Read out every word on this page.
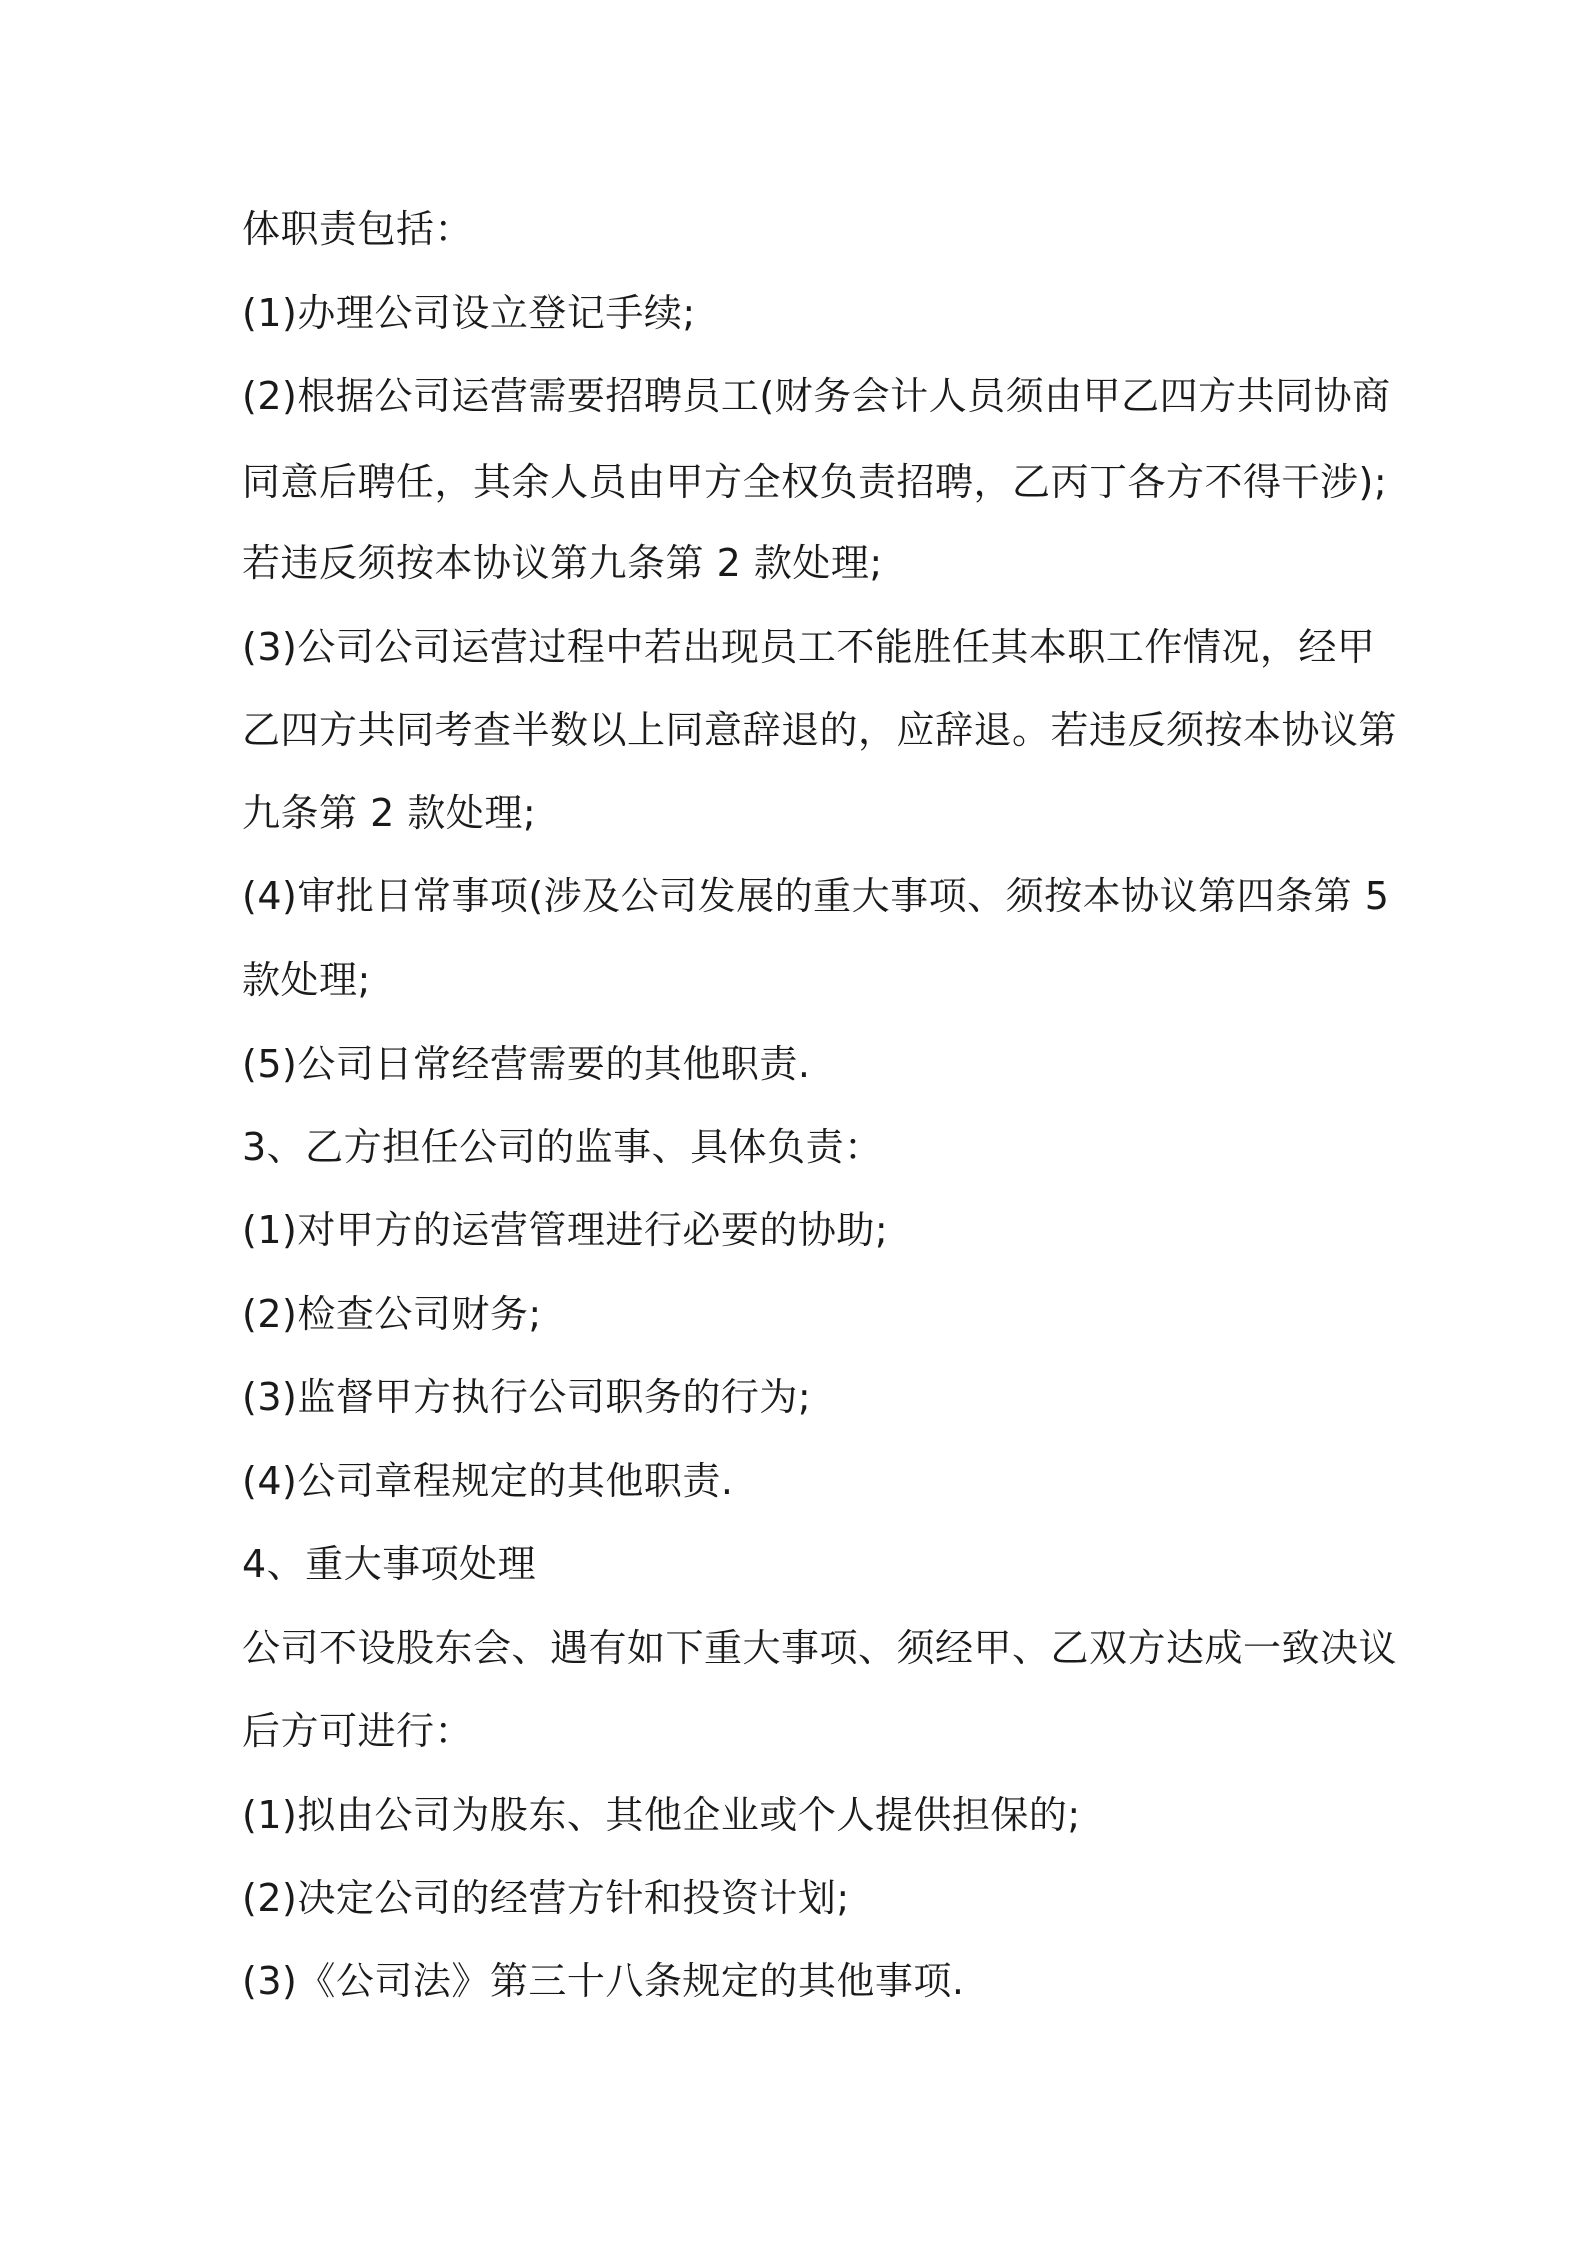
体职责包括：
(1)办理公司设立登记手续;
(2)根据公司运营需要招聘员工(财务会计人员须由甲乙四方共同协商
同意后聘任，其余人员由甲方全权负责招聘，乙丙丁各方不得干涉);
若违反须按本协议第九条第 2 款处理;
(3)公司公司运营过程中若出现员工不能胜任其本职工作情况，经甲
乙四方共同考查半数以上同意辞退的，应辞退。若违反须按本协议第
九条第 2 款处理;
(4)审批日常事项(涉及公司发展的重大事项、须按本协议第四条第 5
款处理;
(5)公司日常经营需要的其他职责.
3、乙方担任公司的监事、具体负责：
(1)对甲方的运营管理进行必要的协助;
(2)检查公司财务;
(3)监督甲方执行公司职务的行为;
(4)公司章程规定的其他职责.
4、重大事项处理
公司不设股东会、遇有如下重大事项、须经甲、乙双方达成一致决议
后方可进行：
(1)拟由公司为股东、其他企业或个人提供担保的;
(2)决定公司的经营方针和投资计划;
(3)《公司法》第三十八条规定的其他事项.
